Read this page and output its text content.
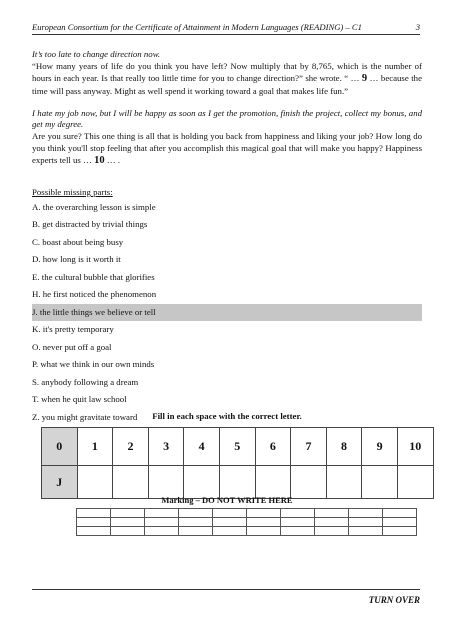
European Consortium for the Certificate of Attainment in Modern Languages (READING) – C1	3

It’s too late to change direction now.

“How many years of life do you think you have left? Now multiply that by 8,765, which is the number of hours in each year. Is that really too little time for you to change direction?” she wrote. “ … 9 … because the time will pass anyway. Might as well spend it working toward a goal that makes life fun.”

I hate my job now, but I will be happy as soon as I get the promotion, finish the project, collect my bonus, and get my degree.

Are you sure? This one thing is all that is holding you back from happiness and liking your job? How long do you think you'll stop feeling that after you accomplish this magical goal that will make you happy? Happiness experts tell us … 10 … .

Possible missing parts:
A. the overarching lesson is simple
B. get distracted by trivial things
C. boast about being busy
D. how long is it worth it
E. the cultural bubble that glorifies
H. he first noticed the phenomenon
J. the little things we believe or tell
K. it's pretty temporary
O. never put off a goal
P. what we think in our own minds
S. anybody following a dream
T. when he quit law school
Z. you might gravitate toward	Fill in each space with the correct letter.
0	1	2	3	4	5	6	7	8	9	10
J										
Marking – DO NOT WRITE HERE

TURN OVER
